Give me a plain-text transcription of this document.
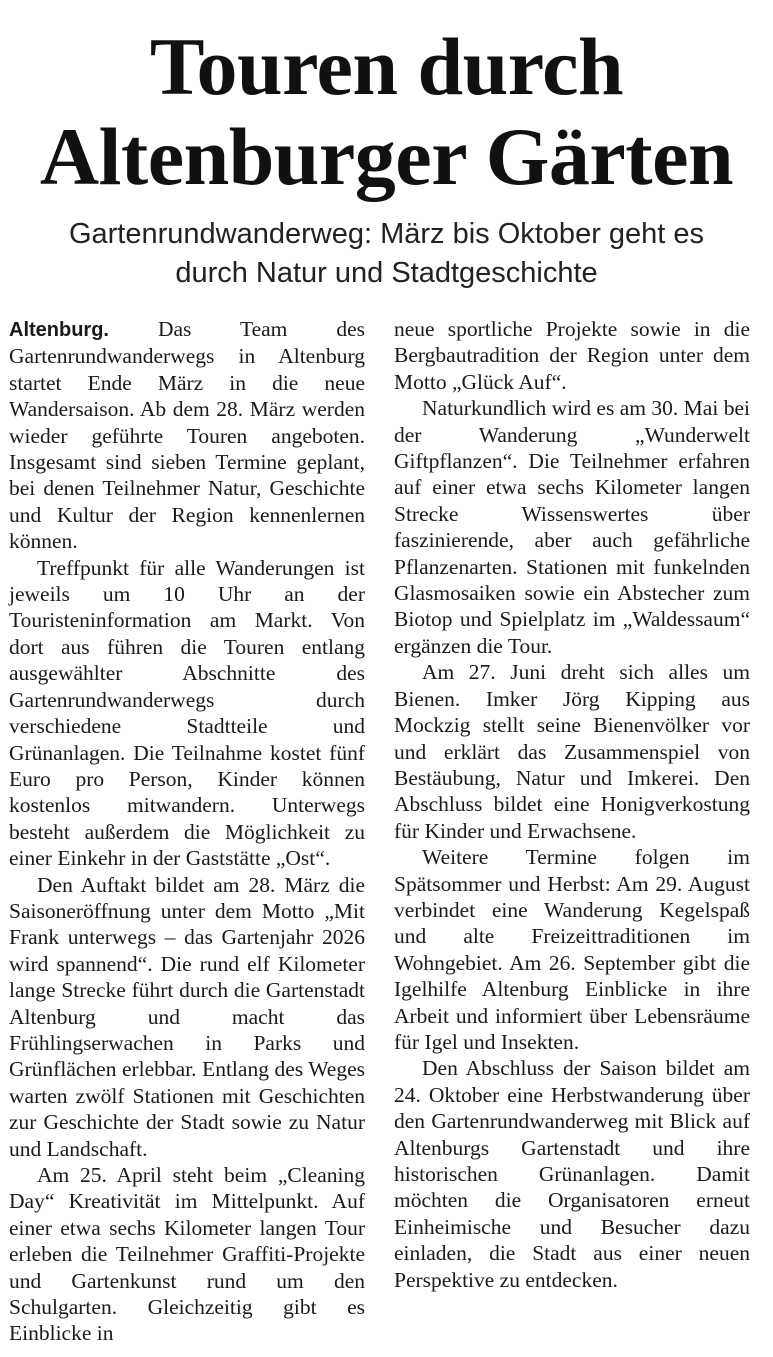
Touren durch
Altenburger Gärten
Gartenrundwanderweg: März bis Oktober geht es
durch Natur und Stadtgeschichte

Altenburg. Das Team des Gartenrundwanderwegs in Altenburg startet Ende März in die neue Wandersaison. Ab dem 28. März werden wieder geführte Touren angeboten. Insgesamt sind sieben Termine geplant, bei denen Teilnehmer Natur, Geschichte und Kultur der Region kennenlernen können.

Treffpunkt für alle Wanderungen ist jeweils um 10 Uhr an der Touristeninformation am Markt. Von dort aus führen die Touren entlang ausgewählter Abschnitte des Gartenrundwanderwegs durch verschiedene Stadtteile und Grünanlagen. Die Teilnahme kostet fünf Euro pro Person, Kinder können kostenlos mitwandern. Unterwegs besteht außerdem die Möglichkeit zu einer Einkehr in der Gaststätte „Ost“.

Den Auftakt bildet am 28. März die Saisoneröffnung unter dem Motto „Mit Frank unterwegs – das Gartenjahr 2026 wird spannend“. Die rund elf Kilometer lange Strecke führt durch die Gartenstadt Altenburg und macht das Frühlingserwachen in Parks und Grünflächen erlebbar. Entlang des Weges warten zwölf Stationen mit Geschichten zur Geschichte der Stadt sowie zu Natur und Landschaft.

Am 25. April steht beim „Cleaning Day“ Kreativität im Mittelpunkt. Auf einer etwa sechs Kilometer langen Tour erleben die Teilnehmer Graffiti-Projekte und Gartenkunst rund um den Schulgarten. Gleichzeitig gibt es Einblicke in

neue sportliche Projekte sowie in die Bergbautradition der Region unter dem Motto „Glück Auf“.

Naturkundlich wird es am 30. Mai bei der Wanderung „Wunderwelt Giftpflanzen“. Die Teilnehmer erfahren auf einer etwa sechs Kilometer langen Strecke Wissenswertes über faszinierende, aber auch gefährliche Pflanzenarten. Stationen mit funkelnden Glasmosaiken sowie ein Abstecher zum Biotop und Spielplatz im „Waldessaum“ ergänzen die Tour.

Am 27. Juni dreht sich alles um Bienen. Imker Jörg Kipping aus Mockzig stellt seine Bienenvölker vor und erklärt das Zusammenspiel von Bestäubung, Natur und Imkerei. Den Abschluss bildet eine Honigverkostung für Kinder und Erwachsene.

Weitere Termine folgen im Spätsommer und Herbst: Am 29. August verbindet eine Wanderung Kegelspaß und alte Freizeittraditionen im Wohngebiet. Am 26. September gibt die Igelhilfe Altenburg Einblicke in ihre Arbeit und informiert über Lebensräume für Igel und Insekten.

Den Abschluss der Saison bildet am 24. Oktober eine Herbstwanderung über den Gartenrundwanderweg mit Blick auf Altenburgs Gartenstadt und ihre historischen Grünanlagen. Damit möchten die Organisatoren erneut Einheimische und Besucher dazu einladen, die Stadt aus einer neuen Perspektive zu entdecken.
